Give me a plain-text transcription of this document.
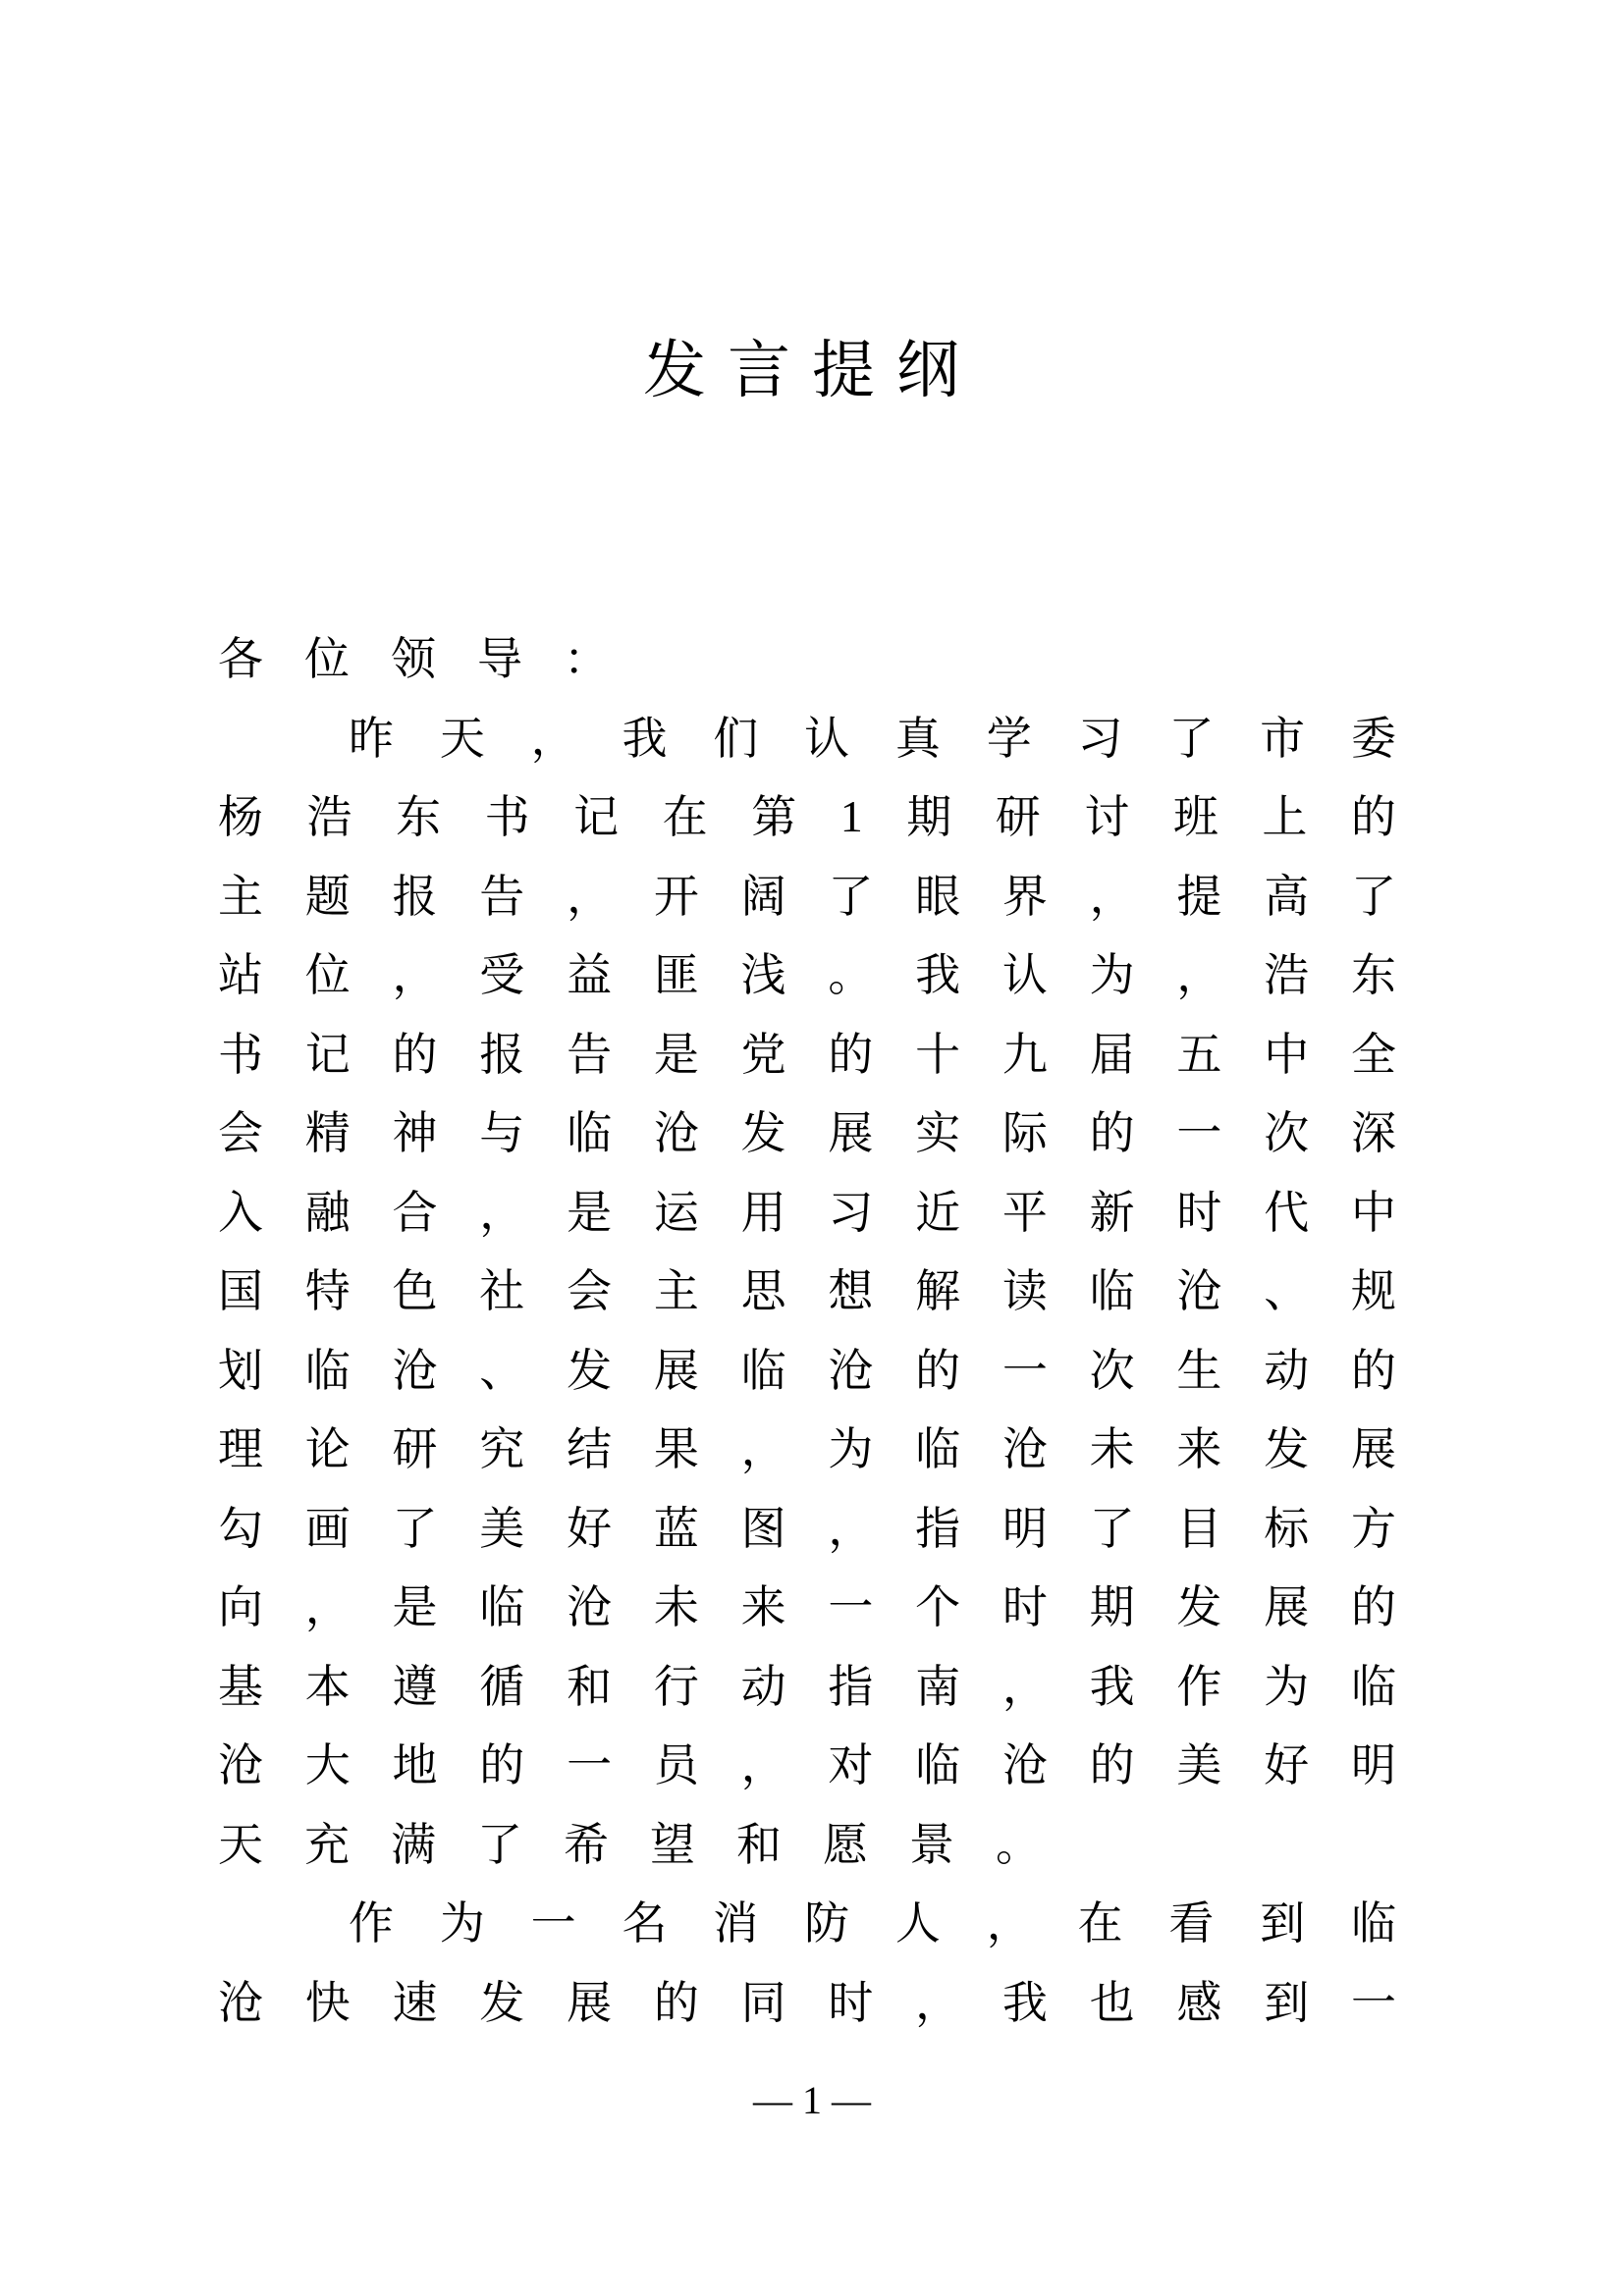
发言提纲
各 位 领 导 ：
昨 天 ， 我 们 认 真 学 习 了 市 委
杨 浩 东 书 记 在 第 1 期 研 讨 班 上 的
主 题 报 告 ， 开 阔 了 眼 界 ， 提 高 了
站 位 ， 受 益 匪 浅 。 我 认 为 ， 浩 东
书 记 的 报 告 是 党 的 十 九 届 五 中 全
会 精 神 与 临 沧 发 展 实 际 的 一 次 深
入 融 合 ， 是 运 用 习 近 平 新 时 代 中
国 特 色 社 会 主 思 想 解 读 临 沧 、 规
划 临 沧 、 发 展 临 沧 的 一 次 生 动 的
理 论 研 究 结 果 ， 为 临 沧 未 来 发 展
勾 画 了 美 好 蓝 图 ， 指 明 了 目 标 方
向 ， 是 临 沧 未 来 一 个 时 期 发 展 的
基 本 遵 循 和 行 动 指 南 ， 我 作 为 临
沧 大 地 的 一 员 ， 对 临 沧 的 美 好 明
天 充 满 了 希 望 和 愿 景 。
作 为 一 名 消 防 人 ， 在 看 到 临
沧 快 速 发 展 的 同 时 ， 我 也 感 到 一
— 1 —
